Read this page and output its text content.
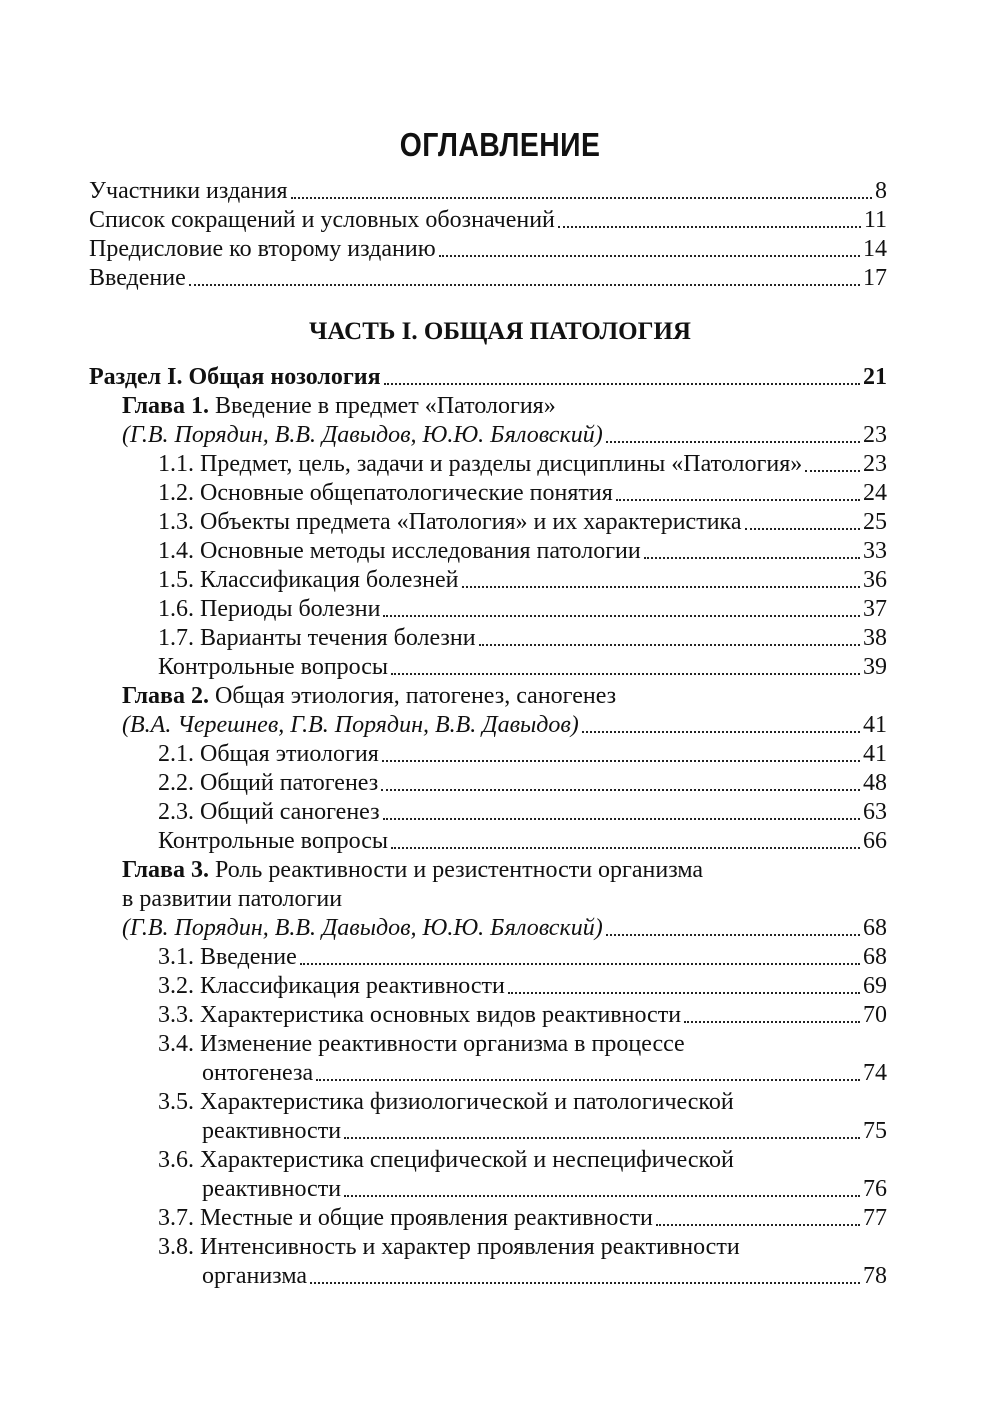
ОГЛАВЛЕНИЕ
Участники издания	8
Список сокращений и условных обозначений	11
Предисловие ко второму изданию	14
Введение	17
ЧАСТЬ I. ОБЩАЯ ПАТОЛОГИЯ
Раздел I. Общая нозология	21
Глава 1. Введение в предмет «Патология»
(Г.В. Порядин, В.В. Давыдов, Ю.Ю. Бяловский)	23
1.1. Предмет, цель, задачи и разделы дисциплины «Патология»	23
1.2. Основные общепатологические понятия	24
1.3. Объекты предмета «Патология» и их характеристика	25
1.4. Основные методы исследования патологии	33
1.5. Классификация болезней	36
1.6. Периоды болезни	37
1.7. Варианты течения болезни	38
Контрольные вопросы	39
Глава 2. Общая этиология, патогенез, саногенез
(В.А. Черешнев, Г.В. Порядин, В.В. Давыдов)	41
2.1. Общая этиология	41
2.2. Общий патогенез	48
2.3. Общий саногенез	63
Контрольные вопросы	66
Глава 3. Роль реактивности и резистентности организма
в развитии патологии
(Г.В. Порядин, В.В. Давыдов, Ю.Ю. Бяловский)	68
3.1. Введение	68
3.2. Классификация реактивности	69
3.3. Характеристика основных видов реактивности	70
3.4. Изменение реактивности организма в процессе
онтогенеза	74
3.5. Характеристика физиологической и патологической
реактивности	75
3.6. Характеристика специфической и неспецифической
реактивности	76
3.7. Местные и общие проявления реактивности	77
3.8. Интенсивность и характер проявления реактивности
организма	78
